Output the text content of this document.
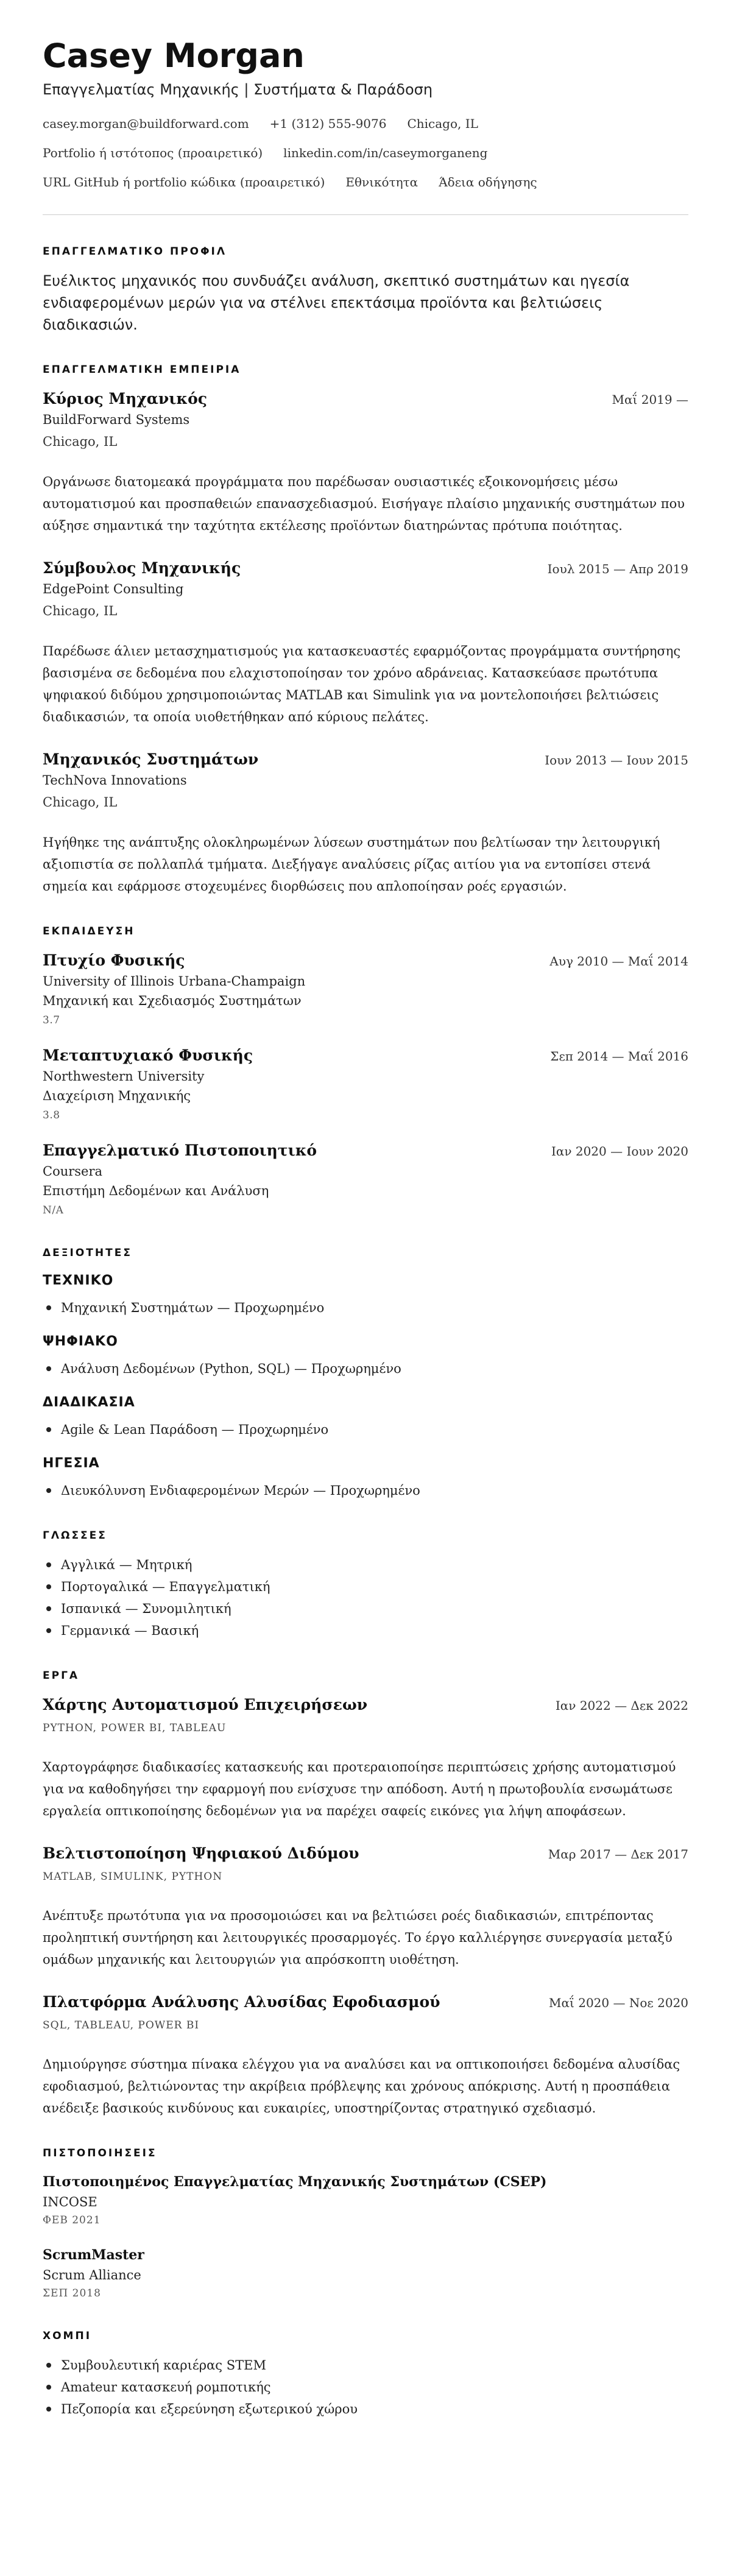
Casey Morgan
Επαγγελματίας Μηχανικής | Συστήματα & Παράδοση
casey.morgan@buildforward.com +1 (312) 555-9076 Chicago, IL
Portfolio ή ιστότοπος (προαιρετικό) linkedin.com/in/caseymorganeng
URL GitHub ή portfolio κώδικα (προαιρετικό) Εθνικότητα Άδεια οδήγησης
ΕΠΑΓΓΕΛΜΑΤΙΚΟ ΠΡΟΦΙΛ

Ευέλικτος μηχανικός που συνδυάζει ανάλυση, σκεπτικό συστημάτων και ηγεσία ενδιαφερομένων μερών για να στέλνει επεκτάσιμα προϊόντα και βελτιώσεις διαδικασιών.

ΕΠΑΓΓΕΛΜΑΤΙΚΗ ΕΜΠΕΙΡΙΑ
Κύριος Μηχανικός	Μαΐ 2019 —
BuildForward Systems
Chicago, IL

Οργάνωσε διατομεακά προγράμματα που παρέδωσαν ουσιαστικές εξοικονομήσεις μέσω αυτοματισμού και προσπαθειών επανασχεδιασμού. Εισήγαγε πλαίσιο μηχανικής συστημάτων που αύξησε σημαντικά την ταχύτητα εκτέλεσης προϊόντων διατηρώντας πρότυπα ποιότητας.

Σύμβουλος Μηχανικής	Ιουλ 2015 — Απρ 2019
EdgePoint Consulting
Chicago, IL

Παρέδωσε άλιεν μετασχηματισμούς για κατασκευαστές εφαρμόζοντας προγράμματα συντήρησης βασισμένα σε δεδομένα που ελαχιστοποίησαν τον χρόνο αδράνειας. Κατασκεύασε πρωτότυπα ψηφιακού διδύμου χρησιμοποιώντας MATLAB και Simulink για να μοντελοποιήσει βελτιώσεις διαδικασιών, τα οποία υιοθετήθηκαν από κύριους πελάτες.

Μηχανικός Συστημάτων	Ιουν 2013 — Ιουν 2015
TechNova Innovations
Chicago, IL

Ηγήθηκε της ανάπτυξης ολοκληρωμένων λύσεων συστημάτων που βελτίωσαν την λειτουργική αξιοπιστία σε πολλαπλά τμήματα. Διεξήγαγε αναλύσεις ρίζας αιτίου για να εντοπίσει στενά σημεία και εφάρμοσε στοχευμένες διορθώσεις που απλοποίησαν ροές εργασιών.

ΕΚΠΑΙΔΕΥΣΗ
Πτυχίο Φυσικής	Αυγ 2010 — Μαΐ 2014
University of Illinois Urbana-Champaign
Μηχανική και Σχεδιασμός Συστημάτων
3.7
Μεταπτυχιακό Φυσικής	Σεπ 2014 — Μαΐ 2016
Northwestern University
Διαχείριση Μηχανικής
3.8
Επαγγελματικό Πιστοποιητικό	Ιαν 2020 — Ιουν 2020
Coursera
Επιστήμη Δεδομένων και Ανάλυση
N/A
ΔΕΞΙΟΤΗΤΕΣ
ΤΕΧΝΙΚΟ
Μηχανική Συστημάτων — Προχωρημένο
ΨΗΦΙΑΚΟ
Ανάλυση Δεδομένων (Python, SQL) — Προχωρημένο
ΔΙΑΔΙΚΑΣΙΑ
Agile & Lean Παράδοση — Προχωρημένο
ΗΓΕΣΙΑ
Διευκόλυνση Ενδιαφερομένων Μερών — Προχωρημένο
ΓΛΩΣΣΕΣ
Αγγλικά — Μητρική
Πορτογαλικά — Επαγγελματική
Ισπανικά — Συνομιλητική
Γερμανικά — Βασική
ΕΡΓΑ
Χάρτης Αυτοματισμού Επιχειρήσεων	Ιαν 2022 — Δεκ 2022
PYTHON, POWER BI, TABLEAU

Χαρτογράφησε διαδικασίες κατασκευής και προτεραιοποίησε περιπτώσεις χρήσης αυτοματισμού για να καθοδηγήσει την εφαρμογή που ενίσχυσε την απόδοση. Αυτή η πρωτοβουλία ενσωμάτωσε εργαλεία οπτικοποίησης δεδομένων για να παρέχει σαφείς εικόνες για λήψη αποφάσεων.

Βελτιστοποίηση Ψηφιακού Διδύμου	Μαρ 2017 — Δεκ 2017
MATLAB, SIMULINK, PYTHON

Ανέπτυξε πρωτότυπα για να προσομοιώσει και να βελτιώσει ροές διαδικασιών, επιτρέποντας προληπτική συντήρηση και λειτουργικές προσαρμογές. Το έργο καλλιέργησε συνεργασία μεταξύ ομάδων μηχανικής και λειτουργιών για απρόσκοπτη υιοθέτηση.

Πλατφόρμα Ανάλυσης Αλυσίδας Εφοδιασμού	Μαΐ 2020 — Νοε 2020
SQL, TABLEAU, POWER BI

Δημιούργησε σύστημα πίνακα ελέγχου για να αναλύσει και να οπτικοποιήσει δεδομένα αλυσίδας εφοδιασμού, βελτιώνοντας την ακρίβεια πρόβλεψης και χρόνους απόκρισης. Αυτή η προσπάθεια ανέδειξε βασικούς κινδύνους και ευκαιρίες, υποστηρίζοντας στρατηγικό σχεδιασμό.

ΠΙΣΤΟΠΟΙΗΣΕΙΣ
Πιστοποιημένος Επαγγελματίας Μηχανικής Συστημάτων (CSEP)
INCOSE
ΦΕΒ 2021
ScrumMaster
Scrum Alliance
ΣΕΠ 2018
ΧΟΜΠΙ
Συμβουλευτική καριέρας STEM
Amateur κατασκευή ρομποτικής
Πεζοπορία και εξερεύνηση εξωτερικού χώρου
